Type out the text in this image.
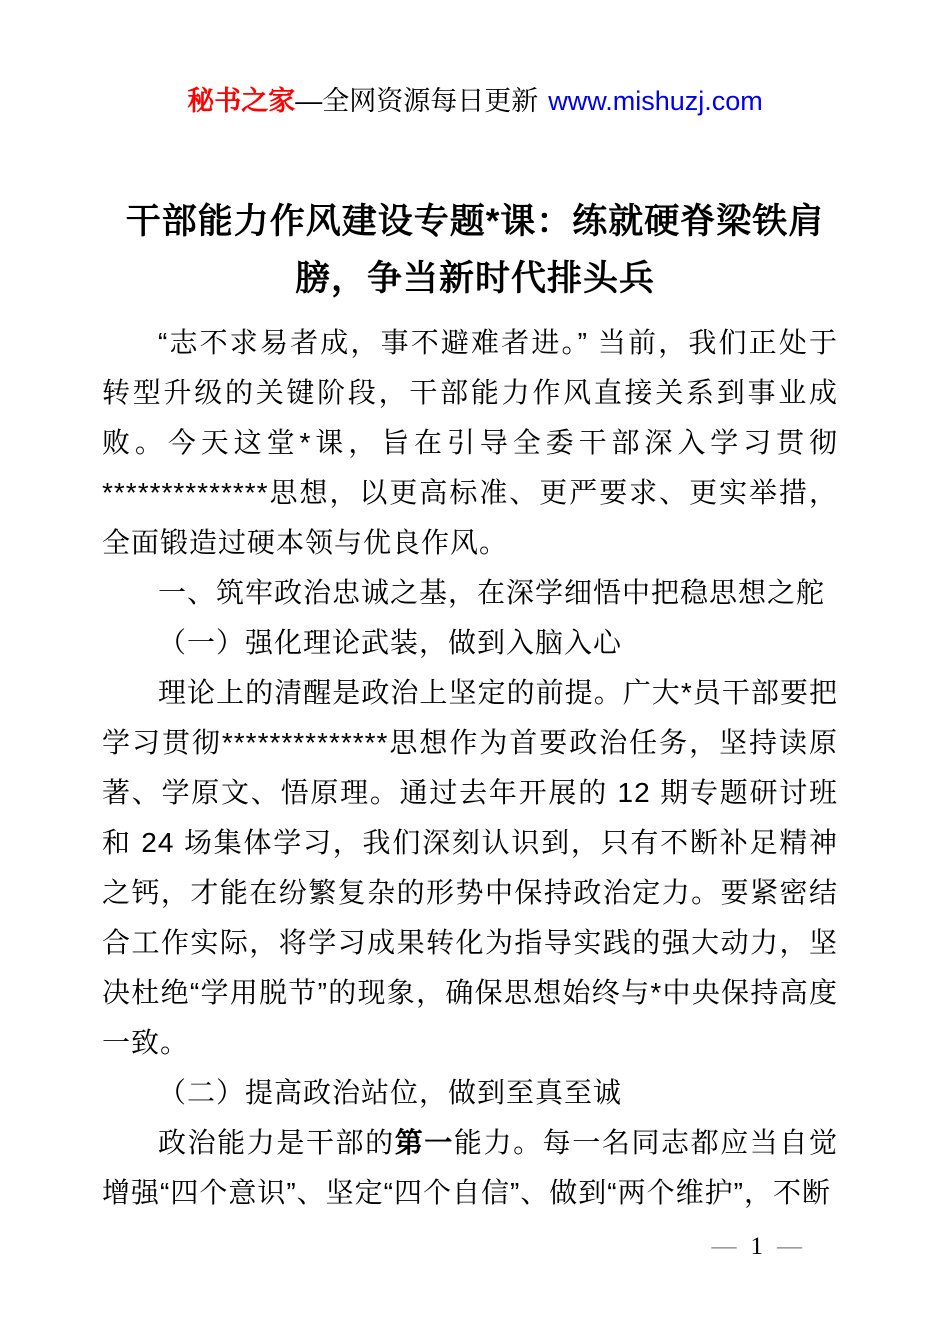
秘书之家—全网资源每日更新 www.mishuzj.com
干部能力作风建设专题*课：练就硬脊梁铁肩膀，争当新时代排头兵

“志不求易者成，事不避难者进。” 当前，我们正处于转型升级的关键阶段，干部能力作风直接关系到事业成败。今天这堂*课，旨在引导全委干部深入学习贯彻**************思想，以更高标准、更严要求、更实举措，全面锻造过硬本领与优良作风。

一、筑牢政治忠诚之基，在深学细悟中把稳思想之舵
（一）强化理论武装，做到入脑入心

理论上的清醒是政治上坚定的前提。广大*员干部要把学习贯彻**************思想作为首要政治任务，坚持读原著、学原文、悟原理。通过去年开展的 12 期专题研讨班和 24 场集体学习，我们深刻认识到，只有不断补足精神之钙，才能在纷繁复杂的形势中保持政治定力。要紧密结合工作实际，将学习成果转化为指导实践的强大动力，坚决杜绝“学用脱节”的现象，确保思想始终与*中央保持高度一致。

（二）提高政治站位，做到至真至诚

政治能力是干部的第一能力。每一名同志都应当自觉增强“四个意识”、坚定“四个自信”、做到“两个维护”，不断

— 1 —
